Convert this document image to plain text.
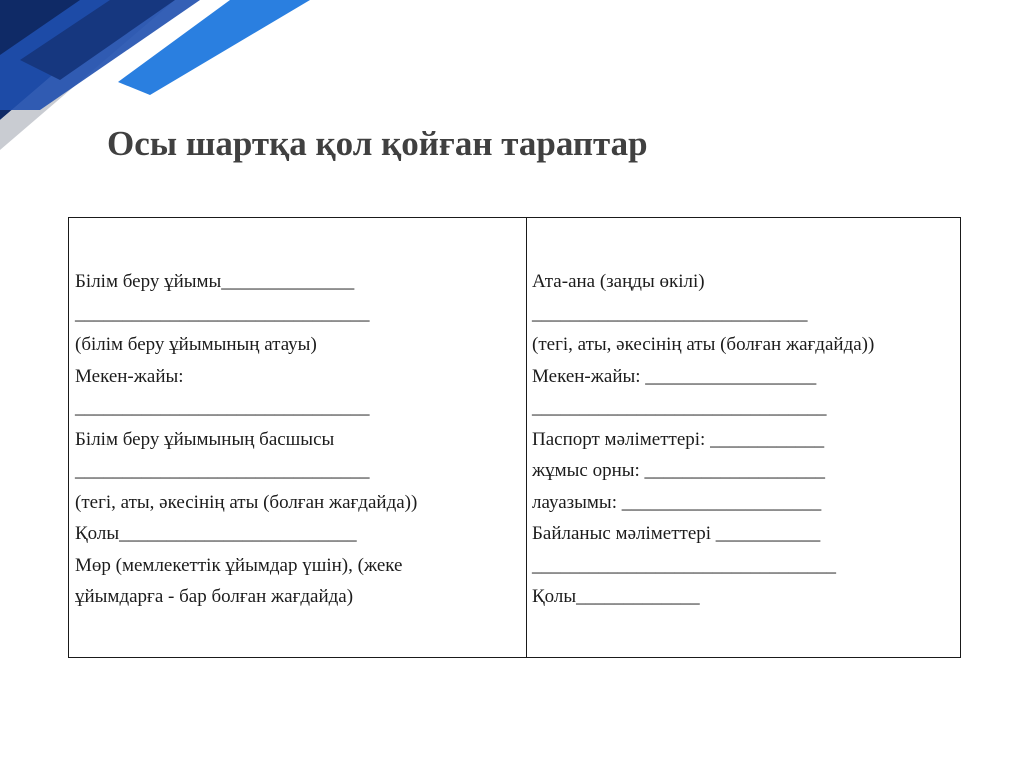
Осы шартқа қол қойған тараптар
Білім беру ұйымы______________
_______________________________
(білім беру ұйымының атауы)
Мекен-жайы:
_______________________________
Білім беру ұйымының басшысы
_______________________________
(тегі, аты, әкесінің аты (болған жағдайда))
Қолы_________________________
Мөр (мемлекеттік ұйымдар үшін), (жеке
ұйымдарға - бар болған жағдайда)

Ата-ана (заңды өкілі)
_____________________________
(тегі, аты, әкесінің аты (болған жағдайда))
Мекен-жайы: __________________
_______________________________
Паспорт мәліметтері: ____________
жұмыс орны: ___________________
лауазымы: _____________________
Байланыс мәліметтері ___________
________________________________
Қолы_____________
